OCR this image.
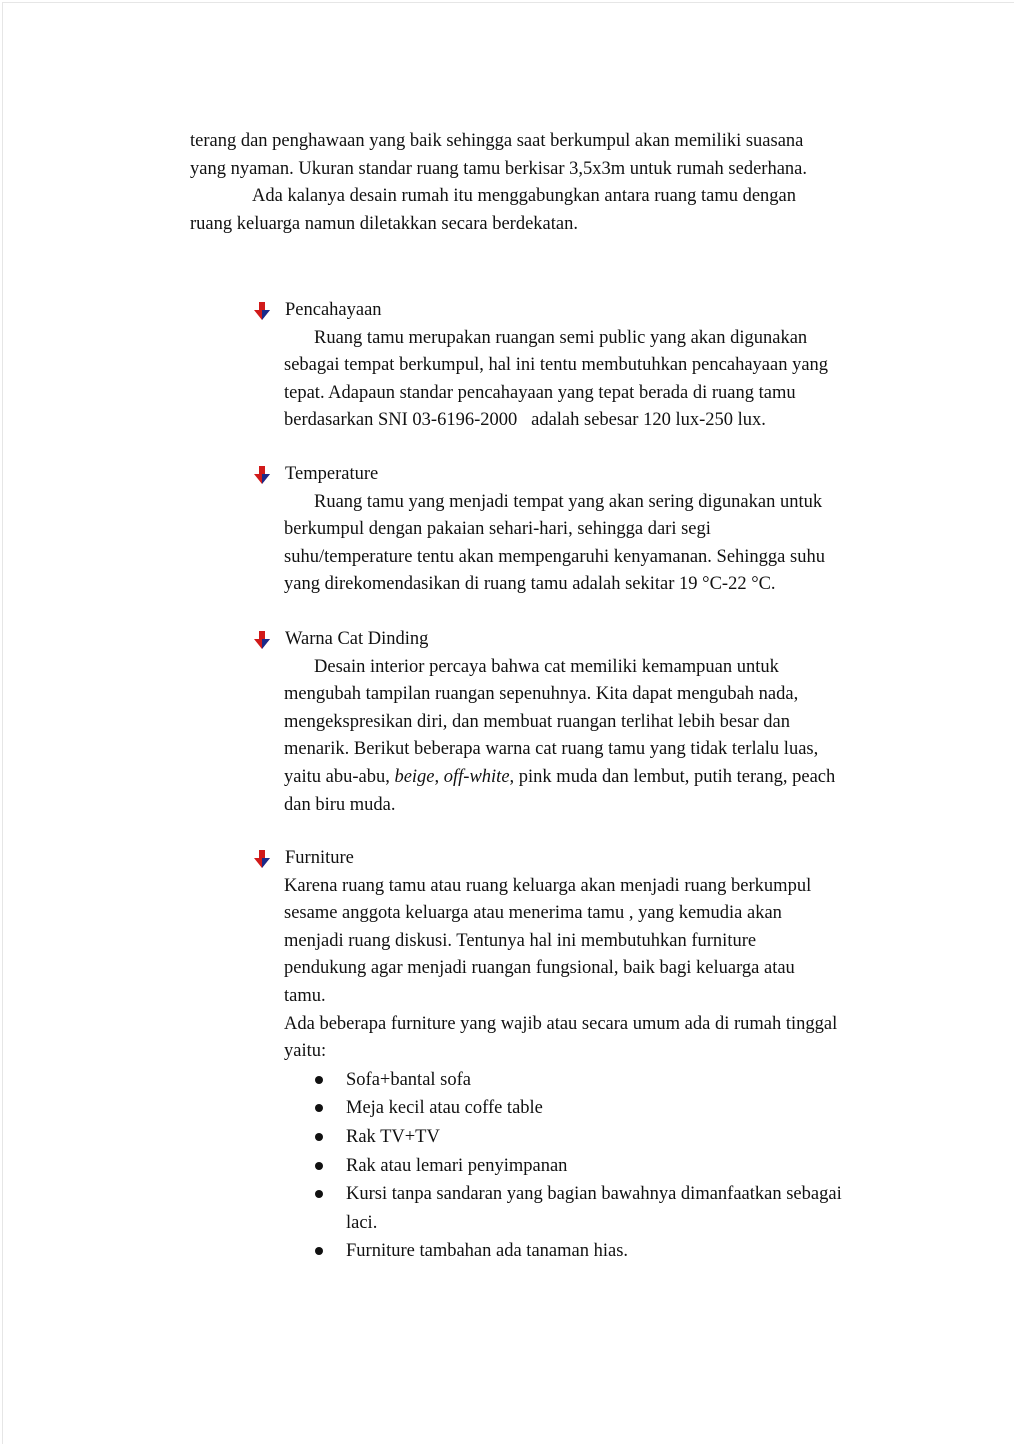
terang dan penghawaan yang baik sehingga saat berkumpul akan memiliki suasana

yang nyaman. Ukuran standar ruang tamu berkisar 3,5x3m untuk rumah sederhana.

Ada kalanya desain rumah itu menggabungkan antara ruang tamu dengan

ruang keluarga namun diletakkan secara berdekatan.

Pencahayaan

Ruang tamu merupakan ruangan semi public yang akan digunakan

sebagai tempat berkumpul, hal ini tentu membutuhkan pencahayaan yang

tepat. Adapaun standar pencahayaan yang tepat berada di ruang tamu

berdasarkan SNI 03-6196-2000   adalah sebesar 120 lux-250 lux.

Temperature

Ruang tamu yang menjadi tempat yang akan sering digunakan untuk

berkumpul dengan pakaian sehari-hari, sehingga dari segi

suhu/temperature tentu akan mempengaruhi kenyamanan. Sehingga suhu

yang direkomendasikan di ruang tamu adalah sekitar 19 °C-22 °C.

Warna Cat Dinding

Desain interior percaya bahwa cat memiliki kemampuan untuk

mengubah tampilan ruangan sepenuhnya. Kita dapat mengubah nada,

mengekspresikan diri, dan membuat ruangan terlihat lebih besar dan

menarik. Berikut beberapa warna cat ruang tamu yang tidak terlalu luas,

yaitu abu-abu, beige, off-white, pink muda dan lembut, putih terang, peach

dan biru muda.

Furniture

Karena ruang tamu atau ruang keluarga akan menjadi ruang berkumpul

sesame anggota keluarga atau menerima tamu , yang kemudia akan

menjadi ruang diskusi. Tentunya hal ini membutuhkan furniture

pendukung agar menjadi ruangan fungsional, baik bagi keluarga atau

tamu.

Ada beberapa furniture yang wajib atau secara umum ada di rumah tinggal

yaitu:

Sofa+bantal sofa
Meja kecil atau coffe table
Rak TV+TV
Rak atau lemari penyimpanan
Kursi tanpa sandaran yang bagian bawahnya dimanfaatkan sebagai
laci.
Furniture tambahan ada tanaman hias.
